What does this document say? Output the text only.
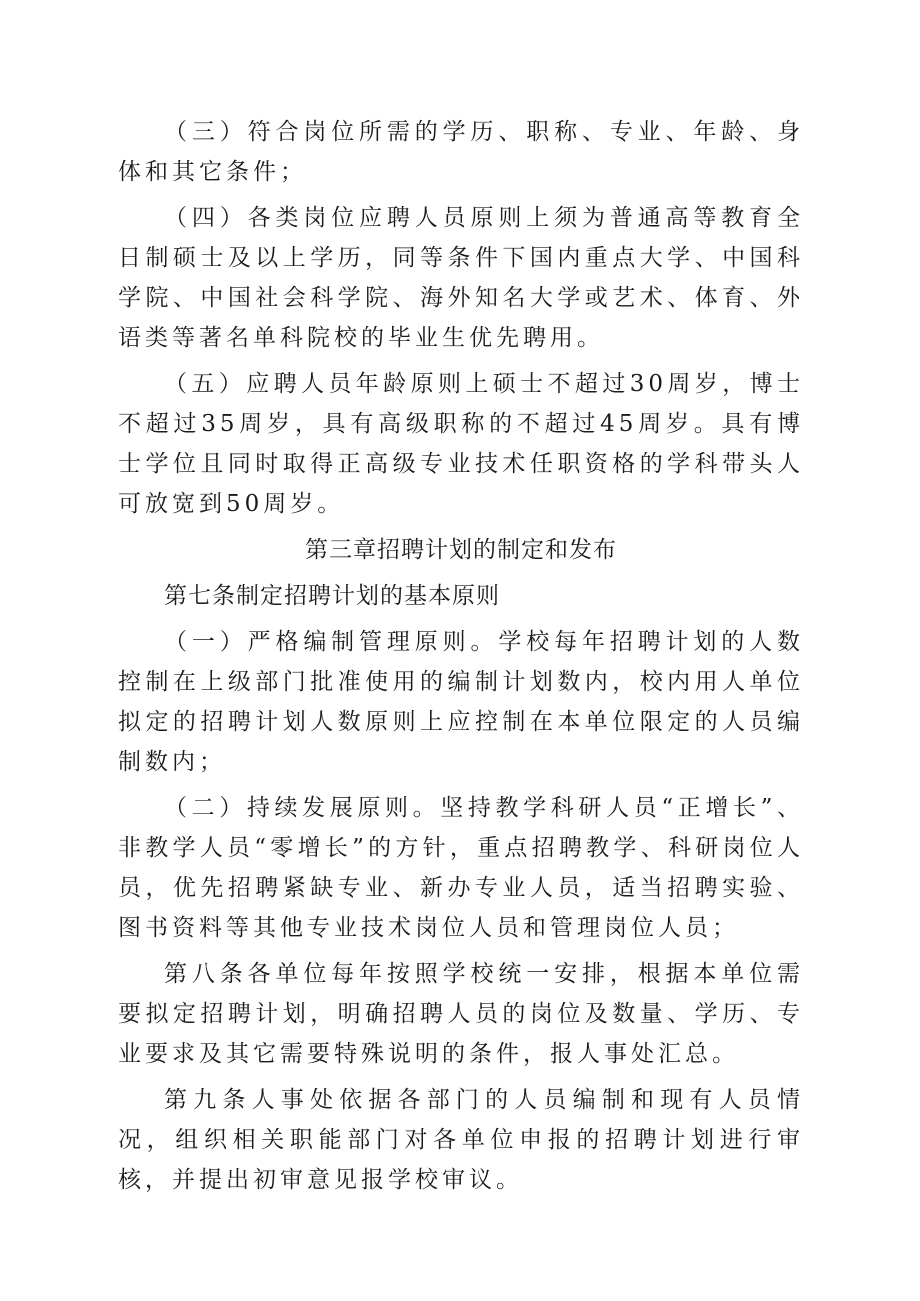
（三）符合岗位所需的学历、职称、专业、年龄、身体和其它条件；

（四）各类岗位应聘人员原则上须为普通高等教育全日制硕士及以上学历，同等条件下国内重点大学、中国科学院、中国社会科学院、海外知名大学或艺术、体育、外语类等著名单科院校的毕业生优先聘用。

（五）应聘人员年龄原则上硕士不超过30周岁，博士不超过35周岁，具有高级职称的不超过45周岁。具有博士学位且同时取得正高级专业技术任职资格的学科带头人可放宽到50周岁。

第三章招聘计划的制定和发布

第七条制定招聘计划的基本原则

（一）严格编制管理原则。学校每年招聘计划的人数控制在上级部门批准使用的编制计划数内，校内用人单位拟定的招聘计划人数原则上应控制在本单位限定的人员编制数内；

（二）持续发展原则。坚持教学科研人员“正增长”、非教学人员“零增长”的方针，重点招聘教学、科研岗位人员，优先招聘紧缺专业、新办专业人员，适当招聘实验、图书资料等其他专业技术岗位人员和管理岗位人员；

第八条各单位每年按照学校统一安排，根据本单位需要拟定招聘计划，明确招聘人员的岗位及数量、学历、专业要求及其它需要特殊说明的条件，报人事处汇总。

第九条人事处依据各部门的人员编制和现有人员情况，组织相关职能部门对各单位申报的招聘计划进行审核，并提出初审意见报学校审议。
